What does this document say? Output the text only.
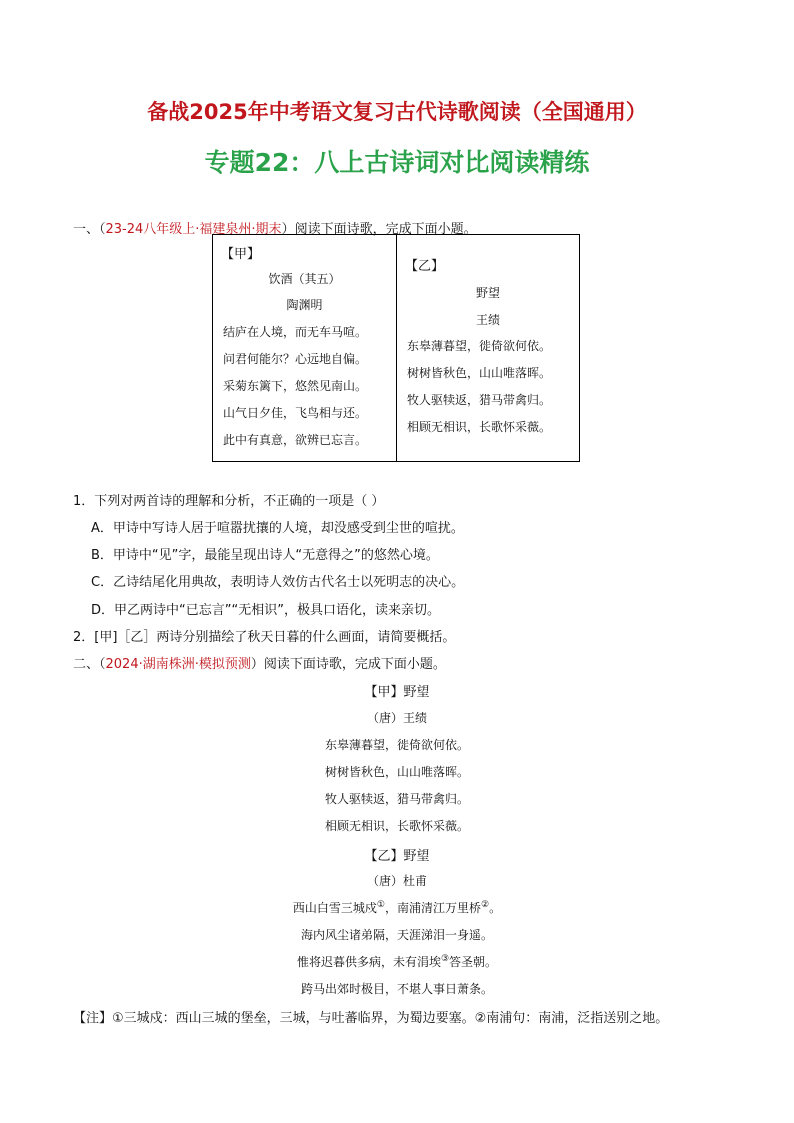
备战2025年中考语文复习古代诗歌阅读（全国通用）
专题22：八上古诗词对比阅读精练
一、（23-24八年级上·福建泉州·期末）阅读下面诗歌，完成下面小题。
【甲】
饮酒（其五）
陶渊明
结庐在人境，而无车马喧。
问君何能尔？心远地自偏。
采菊东篱下，悠然见南山。
山气日夕佳，飞鸟相与还。
此中有真意，欲辨已忘言。
【乙】
野望
王绩
东皋薄暮望，徙倚欲何依。
树树皆秋色，山山唯落晖。
牧人驱犊返，猎马带禽归。
相顾无相识，长歌怀采薇。
1．下列对两首诗的理解和分析，不正确的一项是（ ）
A．甲诗中写诗人居于喧嚣扰攘的人境，却没感受到尘世的喧扰。
B．甲诗中“见”字，最能呈现出诗人“无意得之”的悠然心境。
C．乙诗结尾化用典故，表明诗人效仿古代名士以死明志的决心。
D．甲乙两诗中“已忘言”“无相识”，极具口语化，读来亲切。
2．[甲]［乙］两诗分别描绘了秋天日暮的什么画面，请简要概括。
二、（2024·湖南株洲·模拟预测）阅读下面诗歌，完成下面小题。
【甲】野望
（唐）王绩
东皋薄暮望，徙倚欲何依。
树树皆秋色，山山唯落晖。
牧人驱犊返，猎马带禽归。
相顾无相识，长歌怀采薇。
【乙】野望
（唐）杜甫
西山白雪三城戍①，南浦清江万里桥②。
海内风尘诸弟隔，天涯涕泪一身遥。
惟将迟暮供多病，未有涓埃③答圣朝。
跨马出郊时极目，不堪人事日萧条。
【注】①三城戍：西山三城的堡垒，三城，与吐蕃临界，为蜀边要塞。②南浦句：南浦，泛指送别之地。
